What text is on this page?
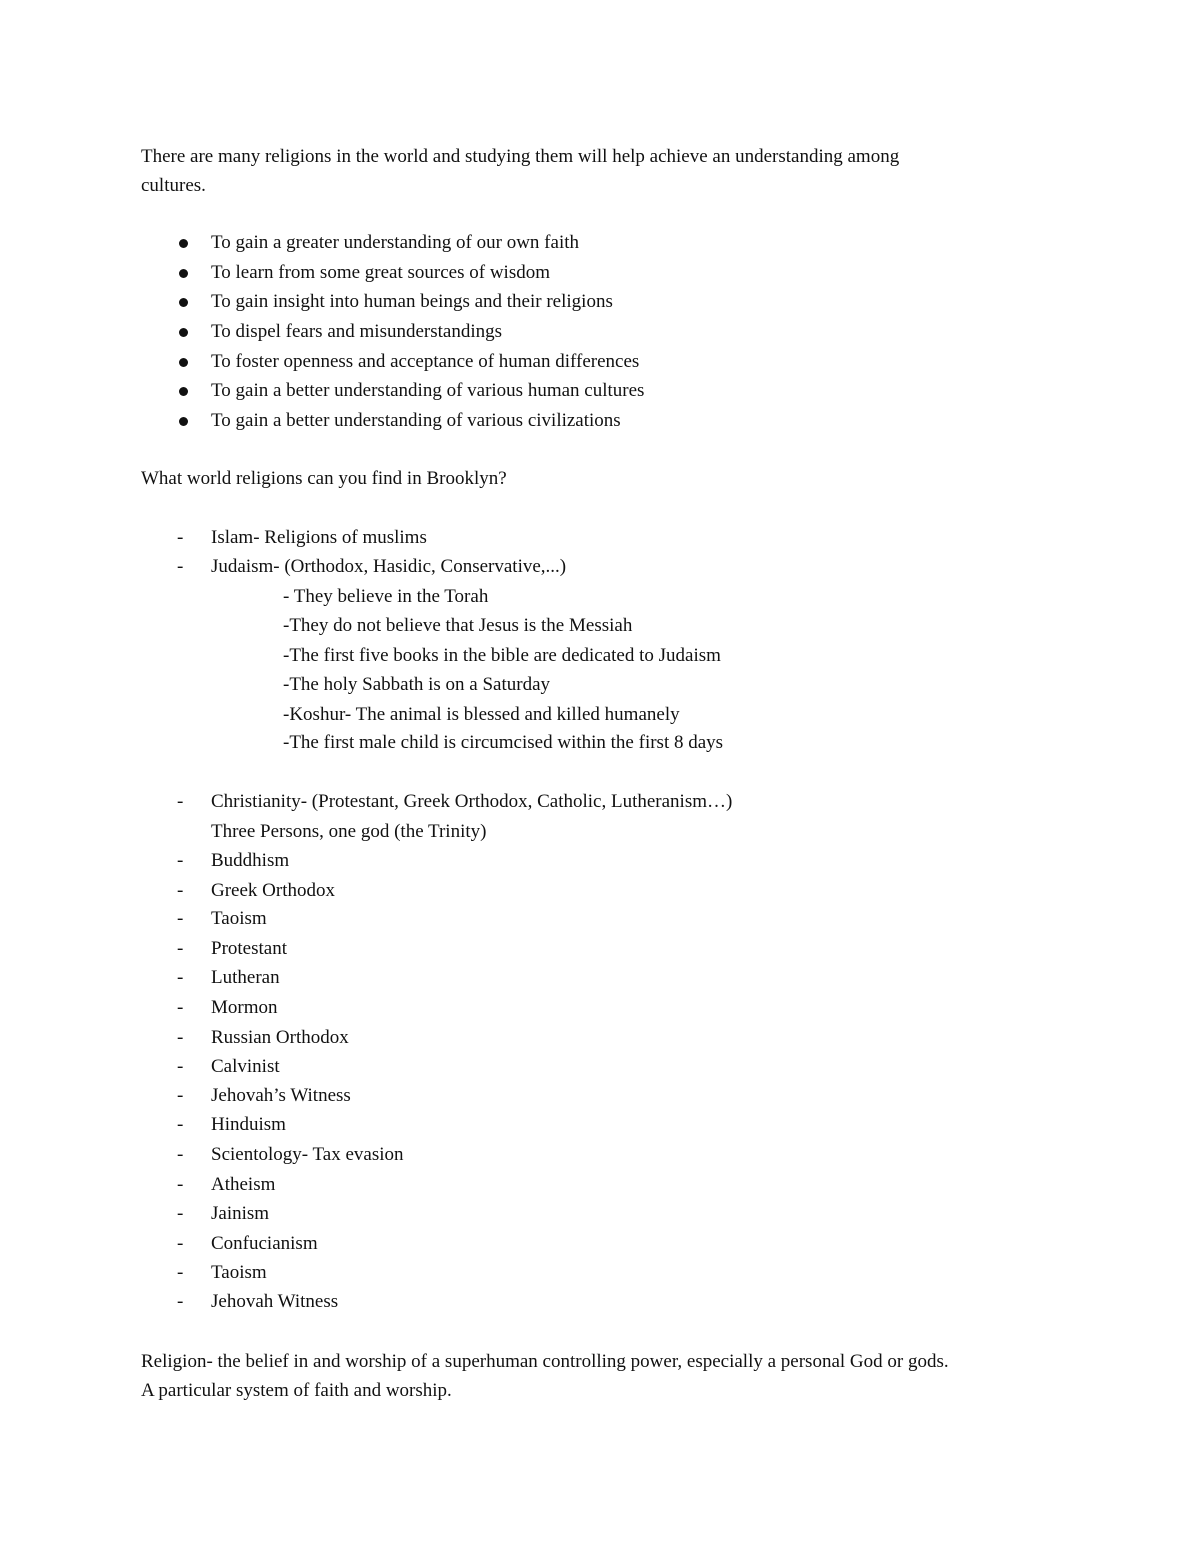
There are many religions in the world and studying them will help achieve an understanding among
cultures.
To gain a greater understanding of our own faith
To learn from some great sources of wisdom
To gain insight into human beings and their religions
To dispel fears and misunderstandings
To foster openness and acceptance of human differences
To gain a better understanding of various human cultures
To gain a better understanding of various civilizations
What world religions can you find in Brooklyn?
- Islam- Religions of muslims
- Judaism- (Orthodox, Hasidic, Conservative,...)
- They believe in the Torah
-They do not believe that Jesus is the Messiah
-The first five books in the bible are dedicated to Judaism
-The holy Sabbath is on a Saturday
-Koshur- The animal is blessed and killed humanely
-The first male child is circumcised within the first 8 days
- Christianity- (Protestant, Greek Orthodox, Catholic, Lutheranism…)
Three Persons, one god (the Trinity)
- Buddhism
- Greek Orthodox
- Taoism
- Protestant
- Lutheran
- Mormon
- Russian Orthodox
- Calvinist
- Jehovah’s Witness
- Hinduism
- Scientology- Tax evasion
- Atheism
- Jainism
- Confucianism
- Taoism
- Jehovah Witness
Religion- the belief in and worship of a superhuman controlling power, especially a personal God or gods.
A particular system of faith and worship.
